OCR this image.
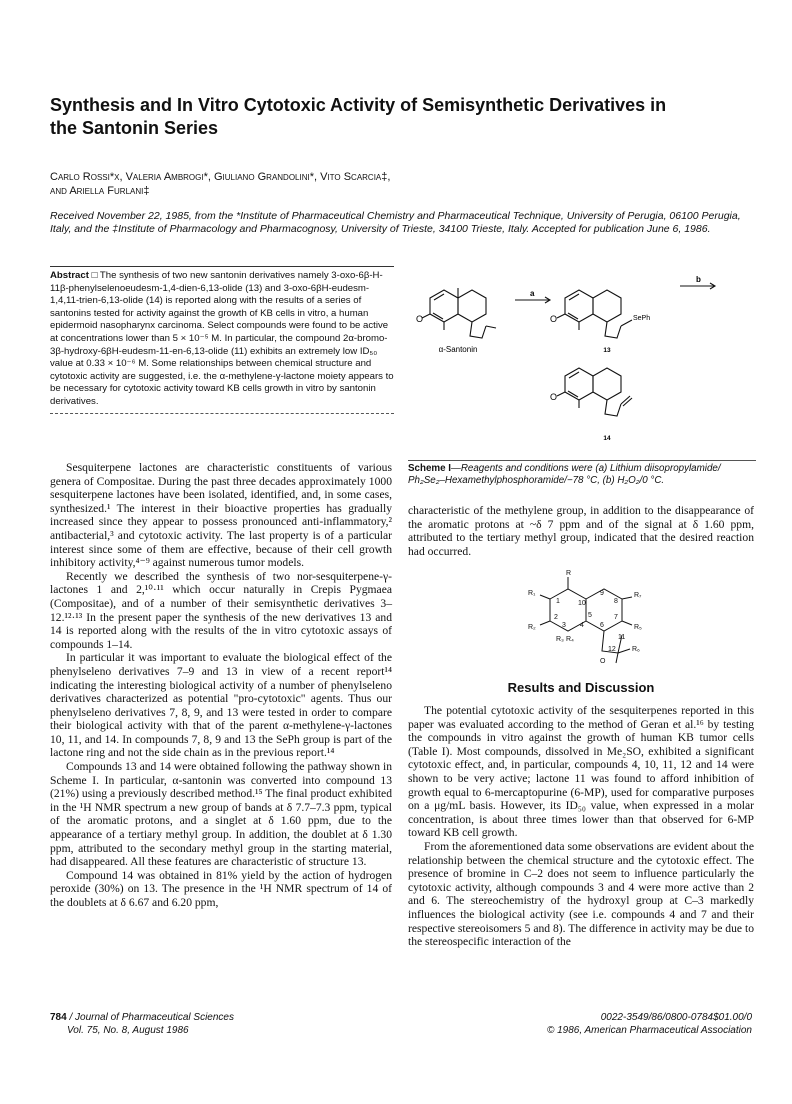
Synthesis and In Vitro Cytotoxic Activity of Semisynthetic Derivatives in the Santonin Series
Carlo Rossi*x, Valeria Ambrogi*, Giuliano Grandolini*, Vito Scarcia‡,
and Ariella Furlani‡
Received November 22, 1985, from the *Institute of Pharmaceutical Chemistry and Pharmaceutical Technique, University of Perugia, 06100 Perugia, Italy, and the ‡Institute of Pharmacology and Pharmacognosy, University of Trieste, 34100 Trieste, Italy. Accepted for publication June 6, 1986.
Abstract □ The synthesis of two new santonin derivatives namely 3-oxo-6β-H-11β-phenylselenoeudesm-1,4-dien-6,13-olide (13) and 3-oxo-6βH-eudesm-1,4,11-trien-6,13-olide (14) is reported along with the results of a series of santonins tested for activity against the growth of KB cells in vitro, a human epidermoid nasopharynx carcinoma. Select compounds were found to be active at concentrations lower than 5 × 10⁻⁵ M. In particular, the compound 2α-bromo-3β-hydroxy-6βH-eudesm-11-en-6,13-olide (11) exhibits an extremely low ID₅₀ value at 0.33 × 10⁻⁶ M. Some relationships between chemical structure and cytotoxic activity are suggested, i.e. the α-methylene-γ-lactone moiety appears to be necessary for cytotoxic activity toward KB cells growth in vitro by santonin derivatives.
O	O
O
a
b
SePh
α-Santonin	13
14
Scheme I—Reagents and conditions were (a) Lithium diisopropylamide/ Ph₂Se₂–Hexamethylphosphoramide/−78 °C, (b) H₂O₂/0 °C.

Sesquiterpene lactones are characteristic constituents of various genera of Compositae. During the past three decades approximately 1000 sesquiterpene lactones have been isolated, identified, and, in some cases, synthesized.¹ The interest in their bioactive properties has gradually increased since they appear to possess pronounced anti-inflammatory,² antibacterial,³ and cytotoxic activity. The last property is of a particular interest since some of them are effective, because of their cell growth inhibitory activity,⁴⁻⁹ against numerous tumor models.

Recently we described the synthesis of two nor-sesquiterpene-γ-lactones 1 and 2,¹⁰·¹¹ which occur naturally in Crepis Pygmaea (Compositae), and of a number of their semisynthetic derivatives 3–12.¹²·¹³ In the present paper the synthesis of the new derivatives 13 and 14 is reported along with the results of the in vitro cytotoxic assays of compounds 1–14.

In particular it was important to evaluate the biological effect of the phenylseleno derivatives 7–9 and 13 in view of a recent report¹⁴ indicating the interesting biological activity of a number of phenylseleno derivatives characterized as potential "pro-cytotoxic" agents. Thus our phenylseleno derivatives 7, 8, 9, and 13 were tested in order to compare their biological activity with that of the parent α-methylene-γ-lactones 10, 11, and 14. In compounds 7, 8, 9 and 13 the SePh group is part of the lactone ring and not the side chain as in the previous report.¹⁴

Compounds 13 and 14 were obtained following the pathway shown in Scheme I. In particular, α-santonin was converted into compound 13 (21%) using a previously described method.¹⁵ The final product exhibited in the ¹H NMR spectrum a new group of bands at δ 7.7–7.3 ppm, typical of the aromatic protons, and a singlet at δ 1.60 ppm, due to the appearance of a tertiary methyl group. In addition, the doublet at δ 1.30 ppm, attributed to the secondary methyl group in the starting material, had disappeared. All these features are characteristic of structure 13.

Compound 14 was obtained in 81% yield by the action of hydrogen peroxide (30%) on 13. The presence in the ¹H NMR spectrum of 14 of the doublets at δ 6.67 and 6.20 ppm,

characteristic of the methylene group, in addition to the disappearance of the aromatic protons at ~δ 7 ppm and of the signal at δ 1.60 ppm, attributed to the tertiary methyl group, indicated that the desired reaction had occurred.

R
R₁
R₂
R₃ R₄
R₅
R₆
R₇
1
2
3 4
5
6
7
8
9
10
11
12
O
Results and Discussion

The potential cytotoxic activity of the sesquiterpenes reported in this paper was evaluated according to the method of Geran et al.¹⁶ by testing the compounds in vitro against the growth of human KB tumor cells (Table I). Most compounds, dissolved in Me₂SO, exhibited a significant cytotoxic effect, and, in particular, compounds 4, 10, 11, 12 and 14 were shown to be very active; lactone 11 was found to afford inhibition of growth equal to 6-mercaptopurine (6-MP), used for comparative purposes on a μg/mL basis. However, its ID₅₀ value, when expressed in a molar concentration, is about three times lower than that observed for 6-MP toward KB cell growth.

From the aforementioned data some observations are evident about the relationship between the chemical structure and the cytotoxic effect. The presence of bromine in C–2 does not seem to influence particularly the cytotoxic activity, although compounds 3 and 4 were more active than 2 and 6. The stereochemistry of the hydroxyl group at C–3 markedly influences the biological activity (see i.e. compounds 4 and 7 and their respective stereoisomers 5 and 8). The difference in activity may be due to the stereospecific interaction of the

784 / Journal of Pharmaceutical Sciences
Vol. 75, No. 8, August 1986
0022-3549/86/0800-0784$01.00/0
© 1986, American Pharmaceutical Association
